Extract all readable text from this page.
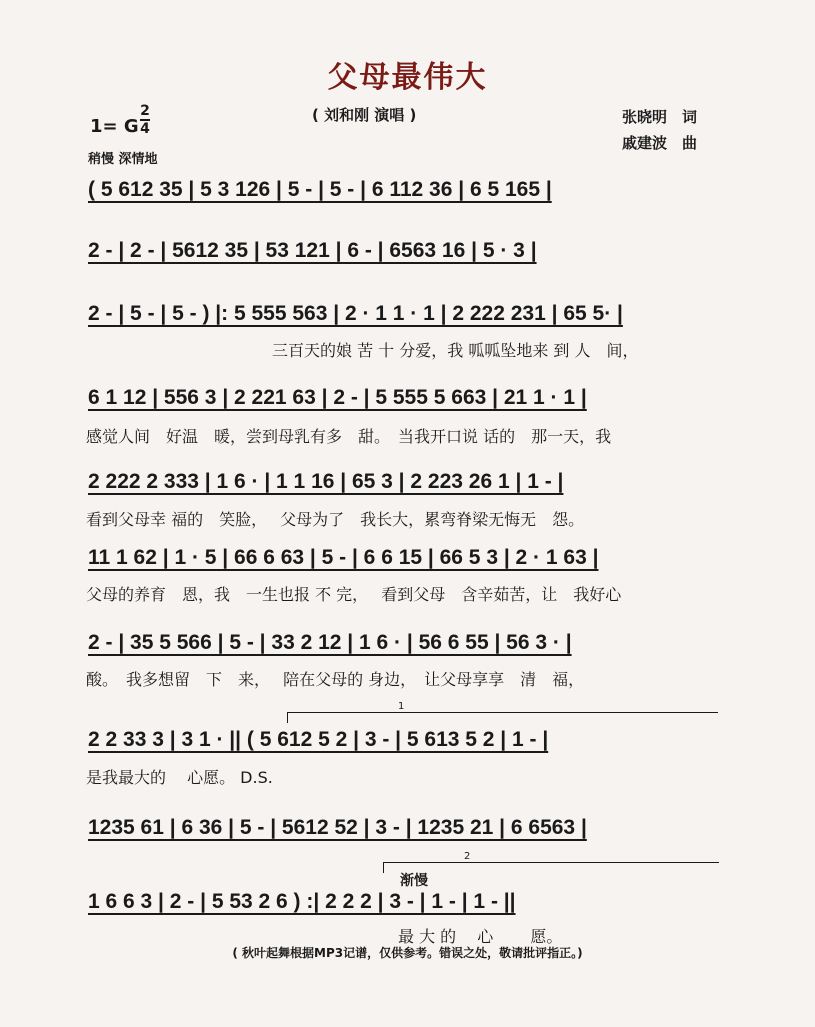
父母最伟大
( 刘和刚 演唱 )	张晓明　词
戚建波　曲
1= G
2
4
稍慢 深情地
( 5 612 35 | 5 3 126 | 5 - | 5 - | 6 112 36 | 6 5 165 |
2 - | 2 - | 5612 35 | 53 121 | 6 - | 6563 16 | 5 · 3 |
2 - | 5 - | 5 - ) |: 5 555 563 | 2 · 1 1 · 1 | 2 222 231 | 65 5· |
三百天的娘 苦 十 分爱，我 呱呱坠地来 到 人　间，
6 1 12 | 556 3 | 2 221 63 | 2 - | 5 555 5 663 | 21 1 · 1 |
感觉人间　好温　暖，尝到母乳有多　甜。　当我开口说 话的　那一天，我
2 222 2 333 | 1 6 · | 1 1 16 | 65 3 | 2 223 26 1 | 1 - |
看到父母幸 福的　笑脸，　 父母为了　我长大，累弯脊梁无悔无　怨。
11 1 62 | 1 · 5 | 66 6 63 | 5 - | 6 6 15 | 66 5 3 | 2 · 1 63 |
父母的养育　恩，我　一生也报 不 完，　 看到父母　含辛茹苦，让　我好心
2 - | 35 5 566 | 5 - | 33 2 12 | 1 6 · | 56 6 55 | 56 3 · |
酸。　我多想留　下　来，　 陪在父母的 身边，　让父母享享　清　福，
1
2 2 33 3 | 3 1 · || ( 5 612 5 2 | 3 - | 5 613 5 2 | 1 - |
是我最大的　 心愿。 D.S.
1235 61 | 6 36 | 5 - | 5612 52 | 3 - | 1235 21 | 6 6563 |
2
渐慢
1 6 6 3 | 2 - | 5 53 2 6 ) :| 2 2 2 | 3 - | 1 - | 1 - ||
最 大 的　 心　　 愿。
( 秋叶起舞根据MP3记谱，仅供参考。错误之处，敬请批评指正。)
